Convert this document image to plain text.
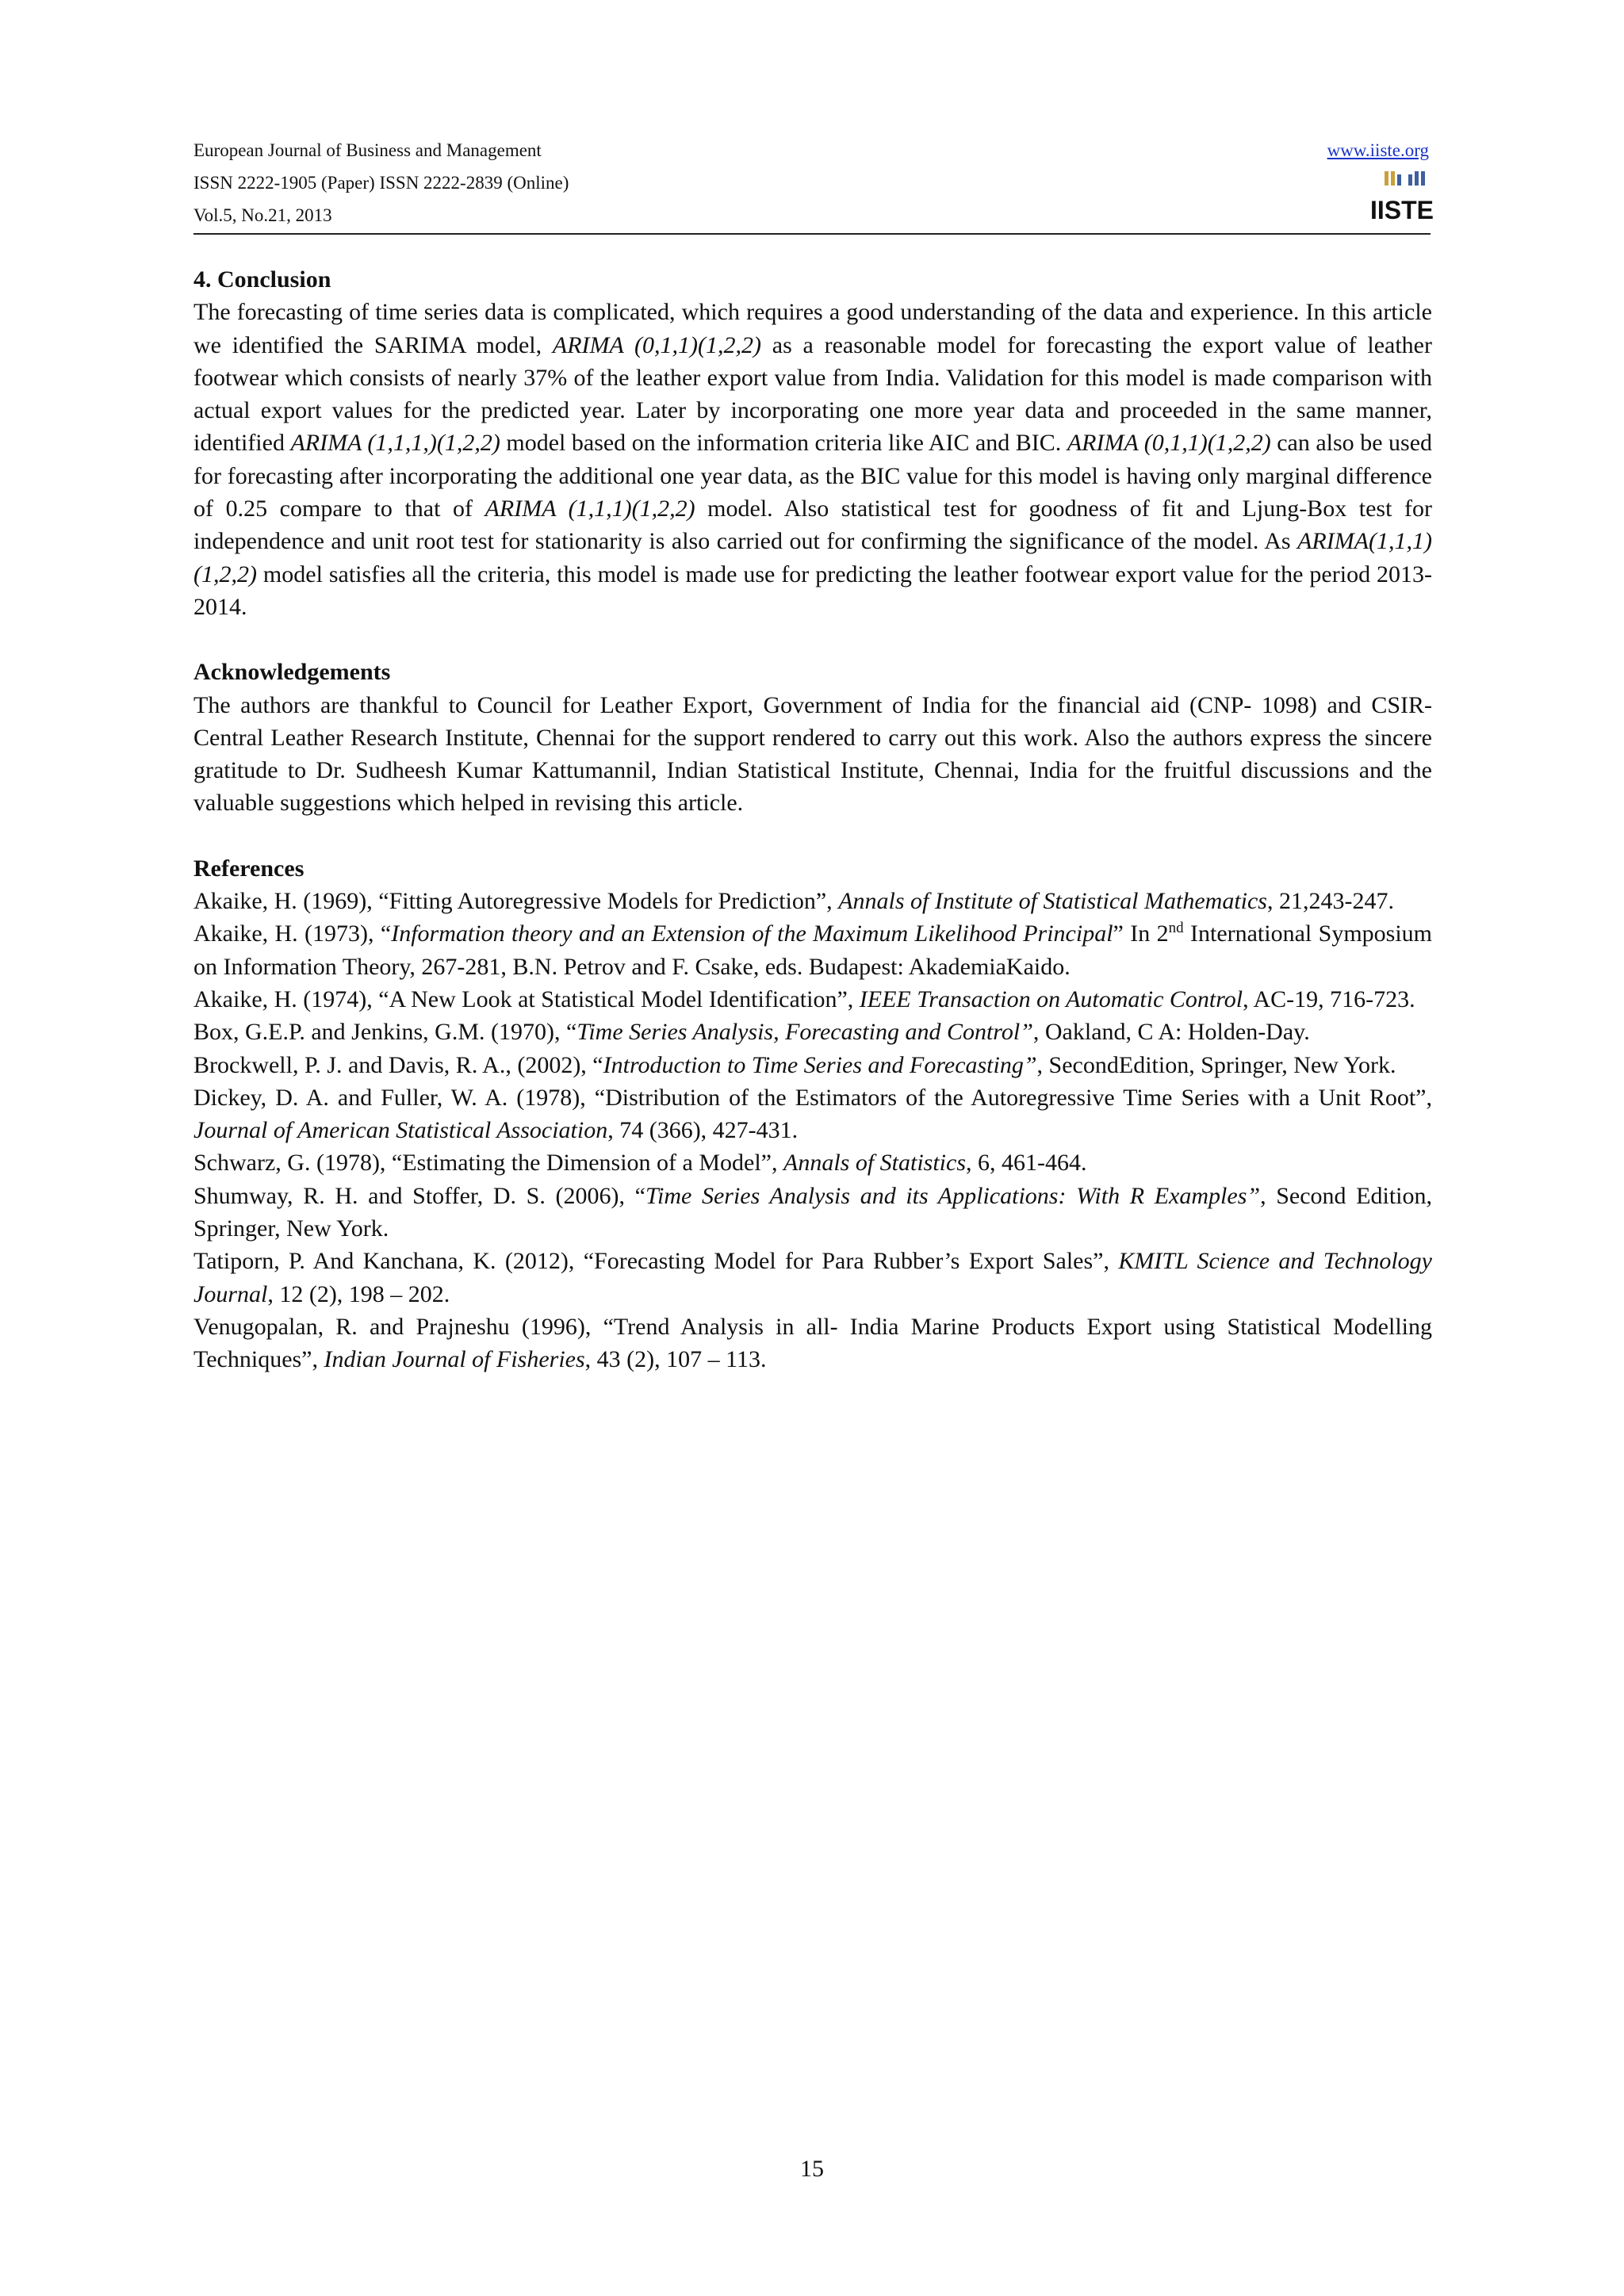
European Journal of Business and Management
ISSN 2222-1905 (Paper) ISSN 2222-2839 (Online)
Vol.5, No.21, 2013
www.iiste.org
IISTE

4. Conclusion

The forecasting of time series data is complicated, which requires a good understanding of the data and experience. In this article we identified the SARIMA model, ARIMA (0,1,1)(1,2,2) as a reasonable model for forecasting the export value of leather footwear which consists of nearly 37% of the leather export value from India. Validation for this model is made comparison with actual export values for the predicted year. Later by incorporating one more year data and proceeded in the same manner, identified ARIMA (1,1,1,)(1,2,2) model based on the information criteria like AIC and BIC. ARIMA (0,1,1)(1,2,2) can also be used for forecasting after incorporating the additional one year data, as the BIC value for this model is having only marginal difference of 0.25 compare to that of ARIMA (1,1,1)(1,2,2) model. Also statistical test for goodness of fit and Ljung-Box test for independence and unit root test for stationarity is also carried out for confirming the significance of the model. As ARIMA(1,1,1)(1,2,2) model satisfies all the criteria, this model is made use for predicting the leather footwear export value for the period 2013-2014.

Acknowledgements

The authors are thankful to Council for Leather Export, Government of India for the financial aid (CNP- 1098) and CSIR- Central Leather Research Institute, Chennai for the support rendered to carry out this work. Also the authors express the sincere gratitude to Dr. Sudheesh Kumar Kattumannil, Indian Statistical Institute, Chennai, India for the fruitful discussions and the valuable suggestions which helped in revising this article.

References

Akaike, H. (1969), “Fitting Autoregressive Models for Prediction”, Annals of Institute of Statistical Mathematics, 21,243-247.

Akaike, H. (1973), “Information theory and an Extension of the Maximum Likelihood Principal” In 2nd International Symposium on Information Theory, 267-281, B.N. Petrov and F. Csake, eds. Budapest: AkademiaKaido.

Akaike, H. (1974), “A New Look at Statistical Model Identification”, IEEE Transaction on Automatic Control, AC-19, 716-723.

Box, G.E.P. and Jenkins, G.M. (1970), “Time Series Analysis, Forecasting and Control”, Oakland, C A: Holden-Day.

Brockwell, P. J. and Davis, R. A., (2002), “Introduction to Time Series and Forecasting”, SecondEdition, Springer, New York.

Dickey, D. A. and Fuller, W. A. (1978), “Distribution of the Estimators of the Autoregressive Time Series with a Unit Root”, Journal of American Statistical Association, 74 (366), 427-431.

Schwarz, G. (1978), “Estimating the Dimension of a Model”, Annals of Statistics, 6, 461-464.

Shumway, R. H. and Stoffer, D. S. (2006), “Time Series Analysis and its Applications: With R Examples”, Second Edition, Springer, New York.

Tatiporn, P. And Kanchana, K. (2012), “Forecasting Model for Para Rubber’s Export Sales”, KMITL Science and Technology Journal, 12 (2), 198 – 202.

Venugopalan, R. and Prajneshu (1996), “Trend Analysis in all- India Marine Products Export using Statistical Modelling Techniques”, Indian Journal of Fisheries, 43 (2), 107 – 113.

15
